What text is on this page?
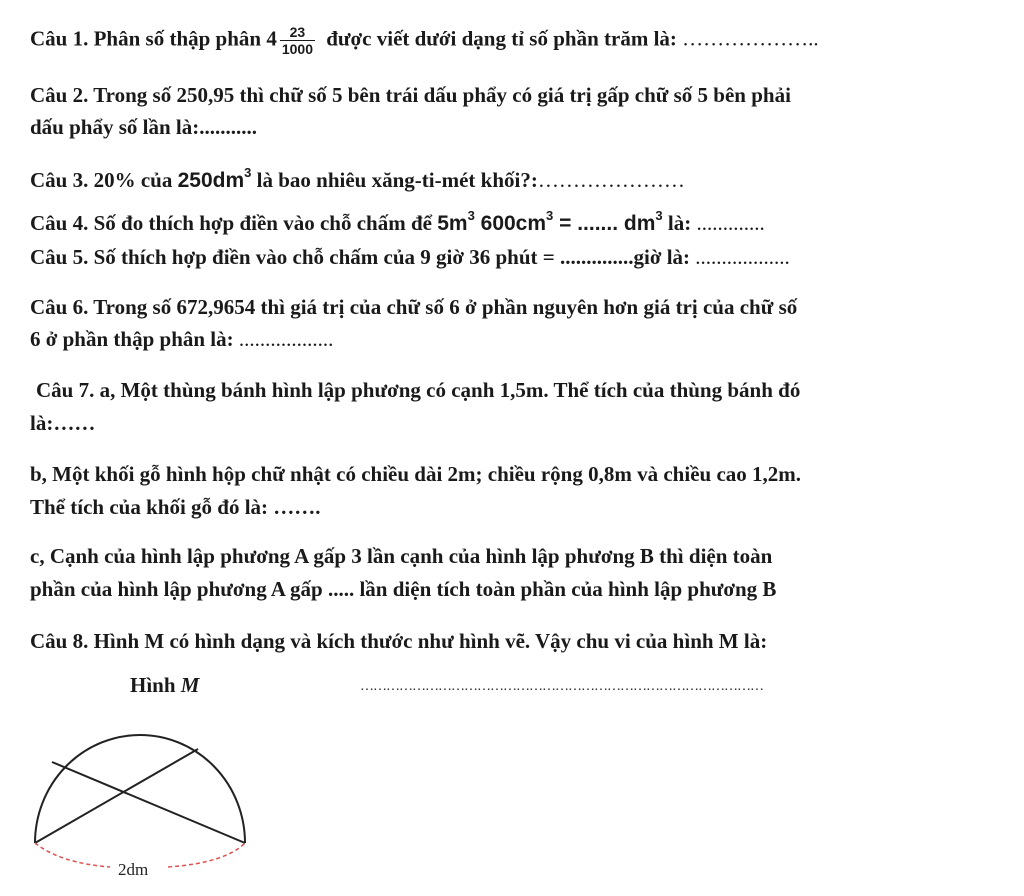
Câu 1. Phân số thập phân $4 \frac{23}{1000}$ được viết dưới dạng tỉ số phần trăm là: ………………..
Câu 2. Trong số 250,95 thì chữ số 5 bên trái dấu phẩy có giá trị gấp chữ số 5 bên phải
dấu phẩy số lần là:...........
Câu 3. 20% của $250dm^3$ là bao nhiêu xăng-ti-mét khối?:…………………
Câu 4. Số đo thích hợp điền vào chỗ chấm để $5m^3$ $600cm^3$ = ....... $dm^3$ là: .............
Câu 5. Số thích hợp điền vào chỗ chấm của 9 giờ 36 phút = ..............giờ là: ..................
Câu 6. Trong số 672,9654 thì giá trị của chữ số 6 ở phần nguyên hơn giá trị của chữ số
6 ở phần thập phân là: ..................
Câu 7. a, Một thùng bánh hình lập phương có cạnh 1,5m. Thể tích của thùng bánh đó
là:……
b, Một khối gỗ hình hộp chữ nhật có chiều dài 2m; chiều rộng 0,8m và chiều cao 1,2m.
Thể tích của khối gỗ đó là: …….
c, Cạnh của hình lập phương A gấp 3 lần cạnh của hình lập phương B thì diện toàn
phần của hình lập phương A gấp ..... lần diện tích toàn phần của hình lập phương B
Câu 8. Hình M có hình dạng và kích thước như hình vẽ. Vậy chu vi của hình M là:
Hình M	…………………………………………………………………………………
2dm
